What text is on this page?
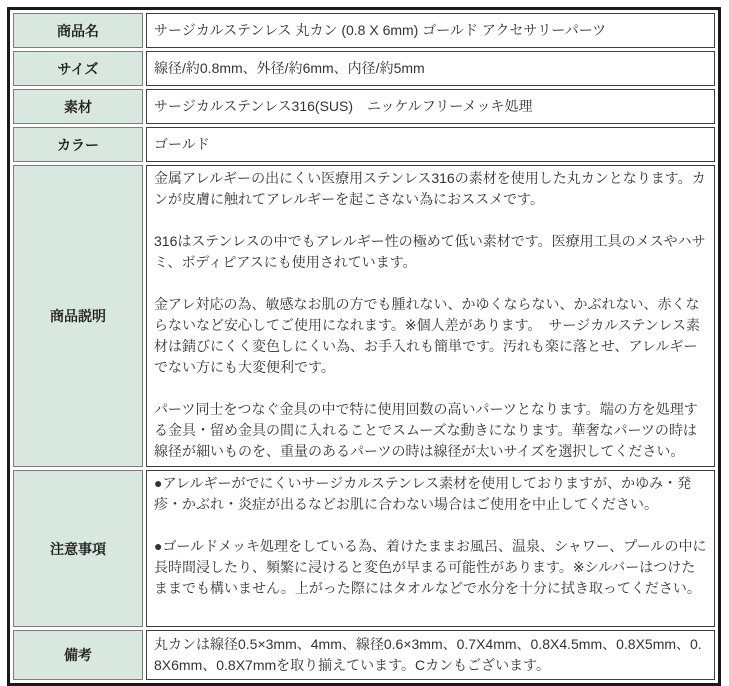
商品名	サージカルステンレス 丸カン (0.8 X 6mm) ゴールド アクセサリーパーツ
サイズ	線径/約0.8mm、外径/約6mm、内径/約5mm
素材	サージカルステンレス316(SUS)　ニッケルフリーメッキ処理
カラー	ゴールド
商品説明	金属アレルギーの出にくい医療用ステンレス316の素材を使用した丸カンとなります。カンが皮膚に触れてアレルギーを起こさない為におススメです。

316はステンレスの中でもアレルギー性の極めて低い素材です。医療用工具のメスやハサミ、ボディピアスにも使用されています。

金アレ対応の為、敏感なお肌の方でも腫れない、かゆくならない、かぶれない、赤くならないなど安心してご使用になれます。※個人差があります。　サージカルステンレス素材は錆びにくく変色しにくい為、お手入れも簡単です。汚れも楽に落とせ、アレルギーでない方にも大変便利です。

パーツ同士をつなぐ金具の中で特に使用回数の高いパーツとなります。端の方を処理する金具・留め金具の間に入れることでスムーズな動きになります。華奢なパーツの時は線径が細いものを、重量のあるパーツの時は線径が太いサイズを選択してください。

注意事項	●アレルギーがでにくいサージカルステンレス素材を使用しておりますが、かゆみ・発疹・かぶれ・炎症が出るなどお肌に合わない場合はご使用を中止してください。

●ゴールドメッキ処理をしている為、着けたままお風呂、温泉、シャワー、プールの中に長時間浸したり、頻繁に浸けると変色が早まる可能性があります。※シルバーはつけたままでも構いません。上がった際にはタオルなどで水分を十分に拭き取ってください。

備考	丸カンは線径0.5×3mm、4mm、線径0.6×3mm、0.7X4mm、0.8X4.5mm、0.8X5mm、0.8X6mm、0.8X7mmを取り揃えています。Cカンもございます。
